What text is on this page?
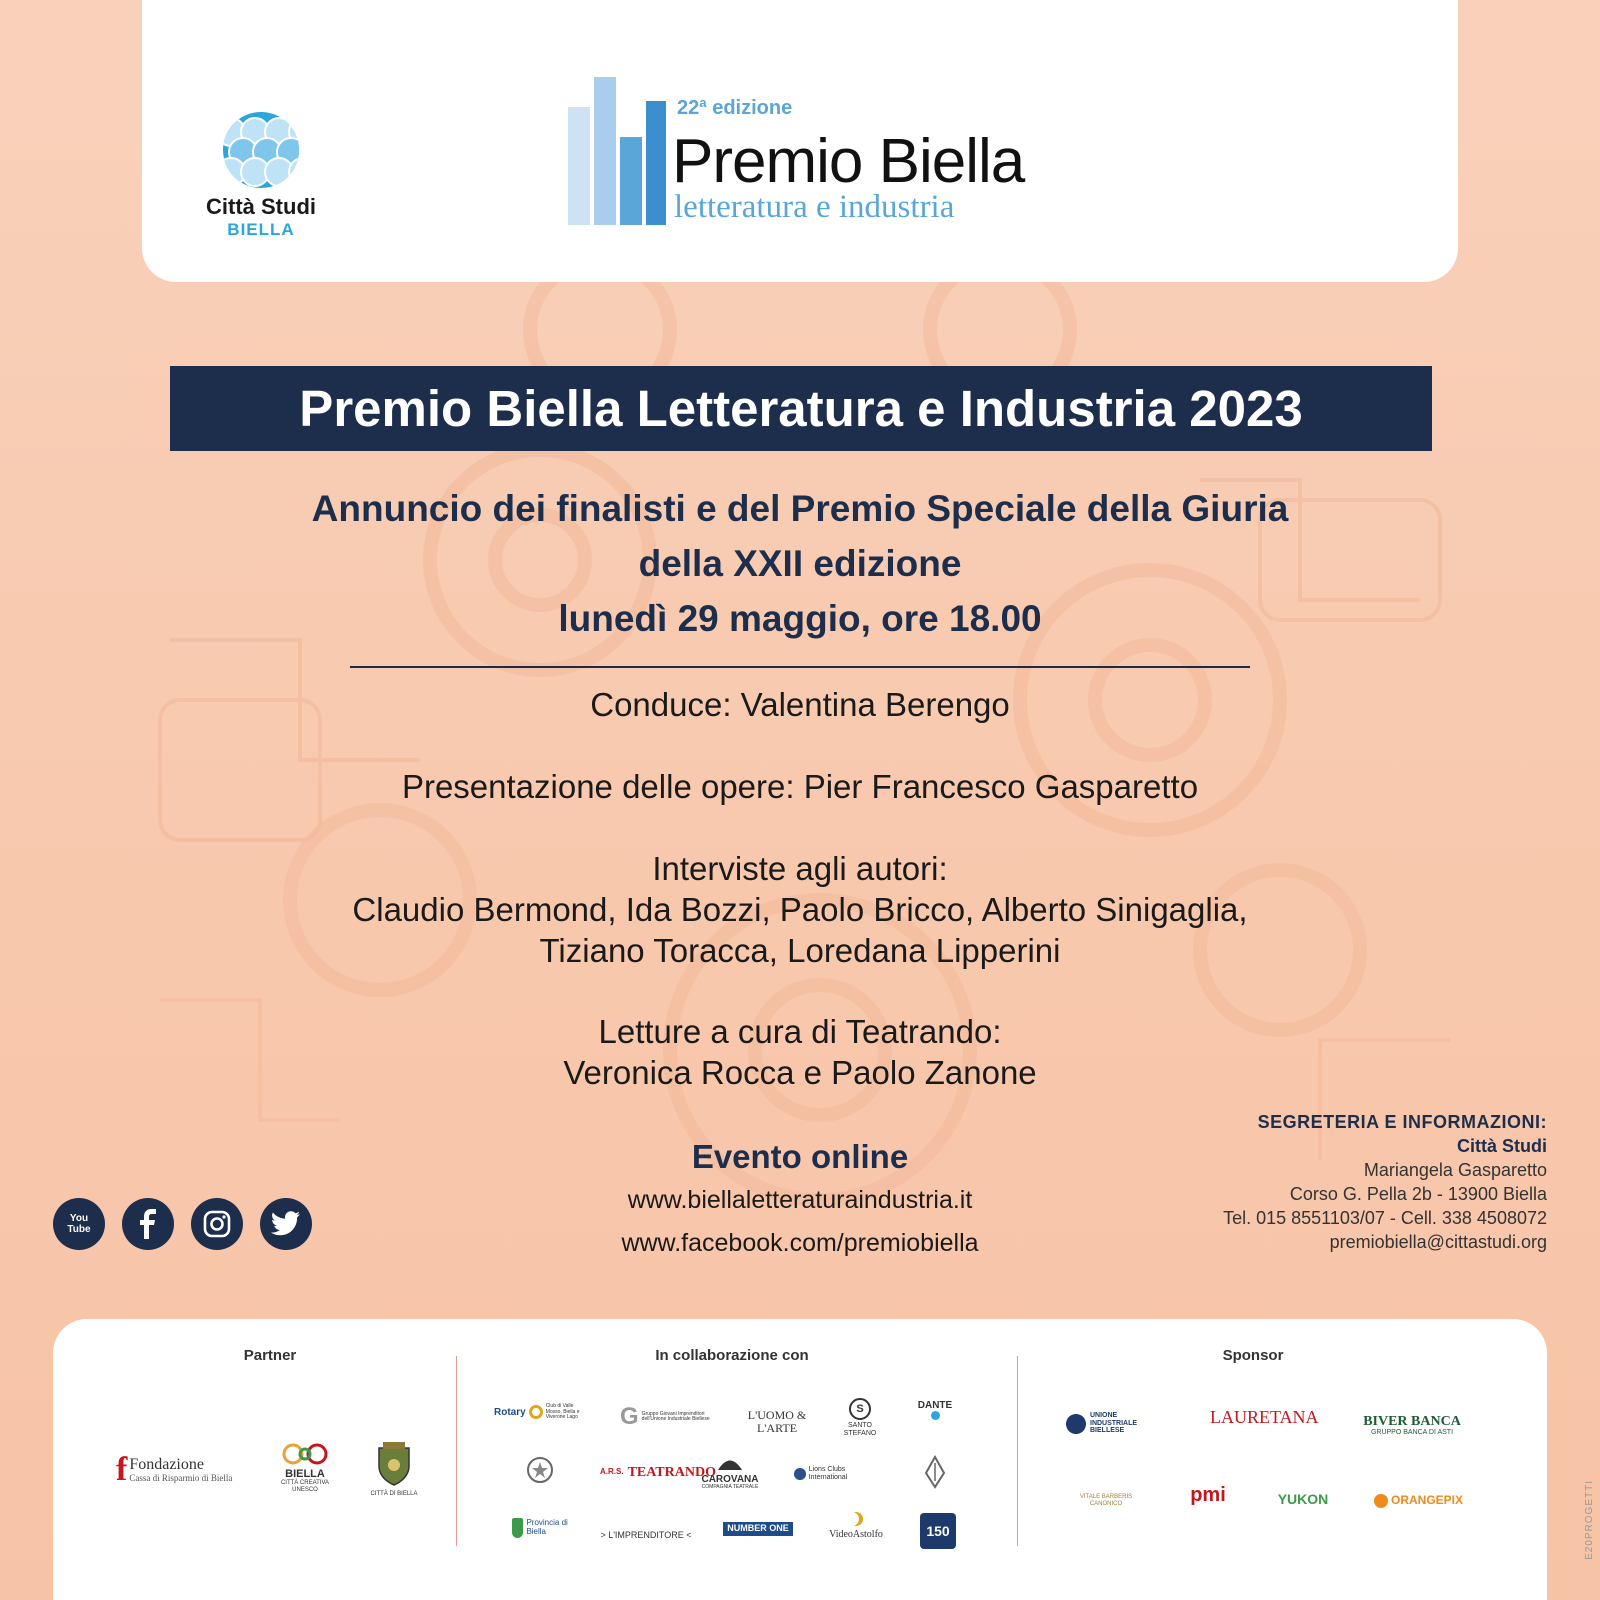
Città Studi
BIELLA
22ª edizione
Premio Biella
letteratura e industria
Premio Biella Letteratura e Industria 2023
Annuncio dei finalisti e del Premio Speciale della Giuria
della XXII edizione
lunedì 29 maggio, ore 18.00
Conduce: Valentina Berengo
Presentazione delle opere: Pier Francesco Gasparetto
Interviste agli autori:
Claudio Bermond, Ida Bozzi, Paolo Bricco, Alberto Sinigaglia,
Tiziano Toracca, Loredana Lipperini
Letture a cura di Teatrando:
Veronica Rocca e Paolo Zanone
Evento online
www.biellaletteraturaindustria.it
www.facebook.com/premiobiella
You Tube
SEGRETERIA E INFORMAZIONI:
Città Studi
Mariangela Gasparetto
Corso G. Pella 2b - 13900 Biella
Tel. 015 8551103/07 - Cell. 338 4508072
premiobiella@cittastudi.org
Partner	In collaborazione con	Sponsor
f Fondazione
Cassa di Risparmio di Biella	BIELLA
CITTÀ CREATIVA UNESCO
CITTÀ DI BIELLA
Rotary
Club di Valle Mosso, Biella e Viverone Lago G Gruppo Giovani Imprenditori dell'Unione Industriale Biellese	L'UOMO & L'ARTE
S
SANTO STEFANO
DANTE
A.R.S. TEATRANDO
CAROVANA
COMPAGNIA TEATRALE
Lions Clubs International
Provincia di Biella	> L'IMPRENDITORE <
NUMBER ONE
VideoAstolfo	150
UNIONE INDUSTRIALE BIELLESE
LAURETANA	BIVER BANCA
GRUPPO BANCA DI ASTI
VITALE BARBERIS CANONICO	pmi	YUKON	ORANGEPIX	E20PROGETTI
